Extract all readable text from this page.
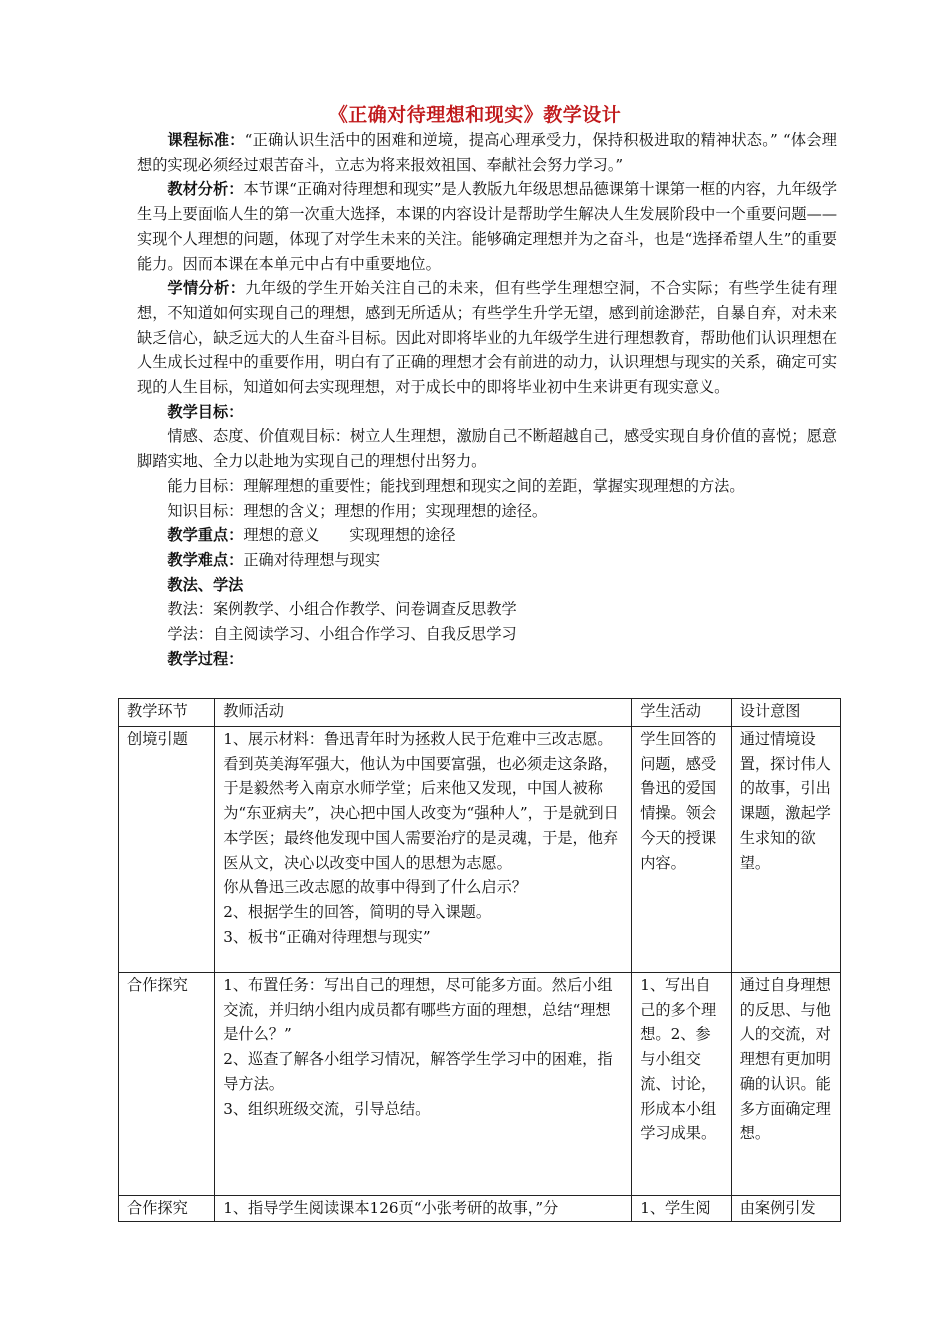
《正确对待理想和现实》教学设计

课程标准：“正确认识生活中的困难和逆境，提高心理承受力，保持积极进取的精神状态。” “体会理想的实现必须经过艰苦奋斗，立志为将来报效祖国、奉献社会努力学习。”

教材分析：本节课“正确对待理想和现实”是人教版九年级思想品德课第十课第一框的内容，九年级学生马上要面临人生的第一次重大选择，本课的内容设计是帮助学生解决人生发展阶段中一个重要问题——实现个人理想的问题，体现了对学生未来的关注。能够确定理想并为之奋斗，也是“选择希望人生”的重要能力。因而本课在本单元中占有中重要地位。

学情分析：九年级的学生开始关注自己的未来，但有些学生理想空洞，不合实际；有些学生徒有理想，不知道如何实现自己的理想，感到无所适从；有些学生升学无望，感到前途渺茫，自暴自弃，对未来缺乏信心，缺乏远大的人生奋斗目标。因此对即将毕业的九年级学生进行理想教育，帮助他们认识理想在人生成长过程中的重要作用，明白有了正确的理想才会有前进的动力，认识理想与现实的关系，确定可实现的人生目标，知道如何去实现理想，对于成长中的即将毕业初中生来讲更有现实意义。

教学目标：

情感、态度、价值观目标：树立人生理想，激励自己不断超越自己，感受实现自身价值的喜悦；愿意脚踏实地、全力以赴地为实现自己的理想付出努力。

能力目标：理解理想的重要性；能找到理想和现实之间的差距，掌握实现理想的方法。

知识目标：理想的含义；理想的作用；实现理想的途径。

教学重点：理想的意义 实现理想的途径

教学难点：正确对待理想与现实

教法、学法

教法：案例教学、小组合作教学、问卷调查反思教学

学法：自主阅读学习、小组合作学习、自我反思学习

教学过程：

教学环节	教师活动	学生活动	设计意图
创境引题	1、展示材料：鲁迅青年时为拯救人民于危难中三改志愿。看到英美海军强大，他认为中国要富强，也必须走这条路，于是毅然考入南京水师学堂；后来他又发现，中国人被称为“东亚病夫”，决心把中国人改变为“强种人”，于是就到日本学医；最终他发现中国人需要治疗的是灵魂，于是，他弃医从文，决心以改变中国人的思想为志愿。
你从鲁迅三改志愿的故事中得到了什么启示？
2、根据学生的回答，简明的导入课题。
3、板书“正确对待理想与现实”	学生回答的问题，感受鲁迅的爱国情操。领会今天的授课内容。	通过情境设置，探讨伟人的故事，引出课题，激起学生求知的欲望。
合作探究	1、布置任务：写出自己的理想，尽可能多方面。然后小组交流，并归纳小组内成员都有哪些方面的理想，总结“理想是什么？”
2、巡查了解各小组学习情况，解答学生学习中的困难，指导方法。
3、组织班级交流，引导总结。	1、写出自己的多个理想。2、参与小组交流、讨论，形成本小组学习成果。	通过自身理想的反思、与他人的交流，对理想有更加明确的认识。能多方面确定理想。
合作探究	1、指导学生阅读课本126页“小张考研的故事，”分	1、学生阅	由案例引发
